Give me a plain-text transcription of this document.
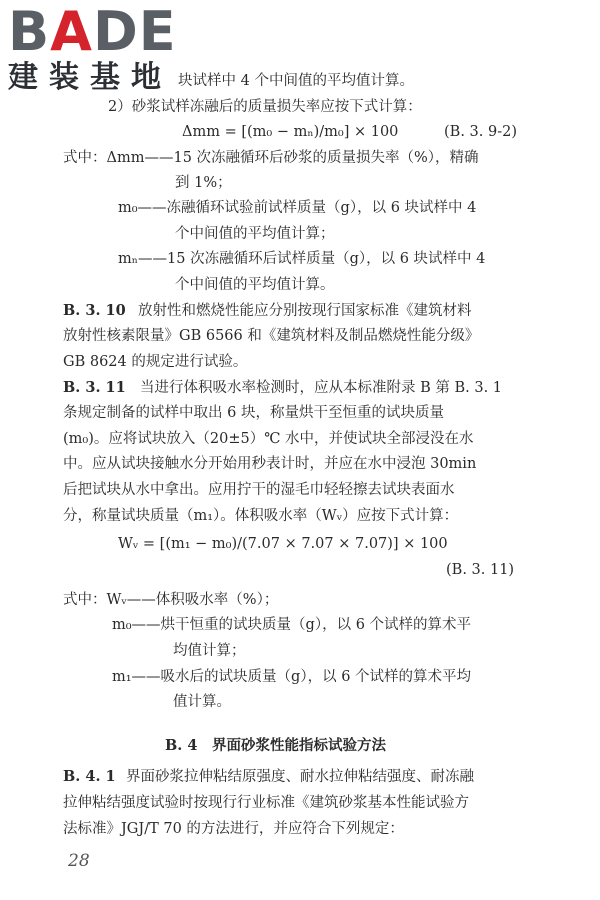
BADE
建装基地 块试样中 4 个中间值的平均值计算。
2）砂浆试样冻融后的质量损失率应按下式计算：
Δmm = [(m₀ − mₙ)/m₀] × 100	(B. 3. 9-2)
式中：Δmm——15 次冻融循环后砂浆的质量损失率（%），精确
到 1%；
m₀——冻融循环试验前试样质量（g），以 6 块试样中 4
个中间值的平均值计算；
mₙ——15 次冻融循环后试样质量（g），以 6 块试样中 4
个中间值的平均值计算。
B. 3. 10 放射性和燃烧性能应分别按现行国家标准《建筑材料
放射性核素限量》GB 6566 和《建筑材料及制品燃烧性能分级》
GB 8624 的规定进行试验。
B. 3. 11 当进行体积吸水率检测时，应从本标准附录 B 第 B. 3. 1
条规定制备的试样中取出 6 块，称量烘干至恒重的试块质量
(m₀)。应将试块放入（20±5）℃ 水中，并使试块全部浸没在水
中。应从试块接触水分开始用秒表计时，并应在水中浸泡 30min
后把试块从水中拿出。应用拧干的湿毛巾轻轻擦去试块表面水
分，称量试块质量（m₁）。体积吸水率（Wᵥ）应按下式计算：
Wᵥ = [(m₁ − m₀)/(7.07 × 7.07 × 7.07)] × 100
(B. 3. 11)
式中：Wᵥ——体积吸水率（%）；
m₀——烘干恒重的试块质量（g），以 6 个试样的算术平
均值计算；
m₁——吸水后的试块质量（g），以 6 个试样的算术平均
值计算。
B. 4　界面砂浆性能指标试验方法
B. 4. 1 界面砂浆拉伸粘结原强度、耐水拉伸粘结强度、耐冻融
拉伸粘结强度试验时按现行行业标准《建筑砂浆基本性能试验方
法标准》JGJ/T 70 的方法进行，并应符合下列规定：
28
